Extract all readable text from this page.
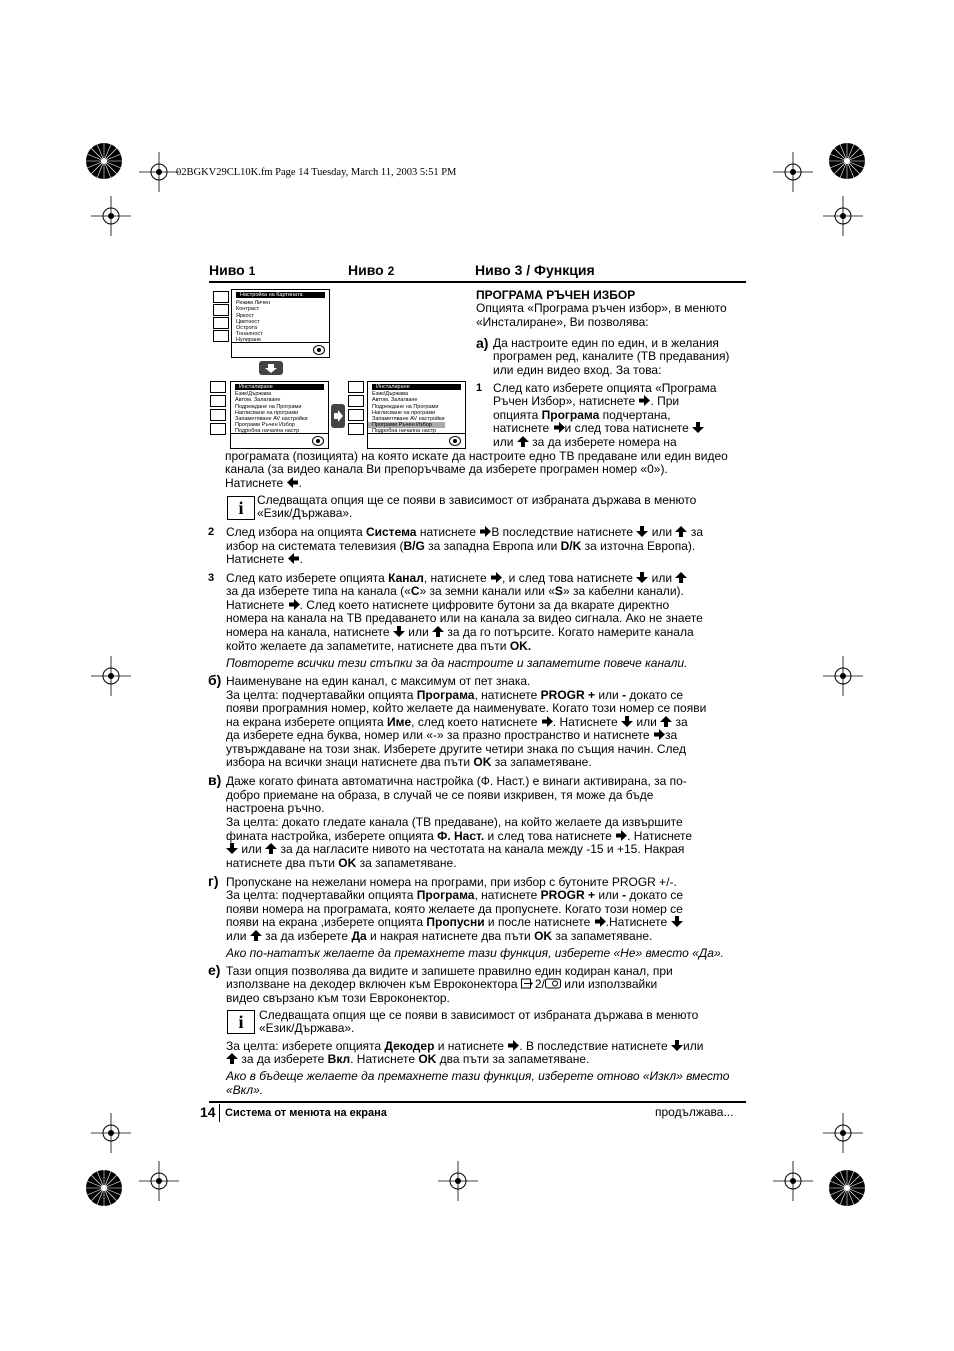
02BGKV29CL10K.fm Page 14 Tuesday, March 11, 2003 5:51 PM
Ниво 1	Ниво 2	Ниво 3 / Функция
Настройка на Картината
Режим Личен
Контраст
Яркост
Цветност
Острота
Тоналност
Нулиране
Инсталиране
Език/Държава
Автом. Залагване
Подреждане на Програми
Наглисване на програми
Запаметяване AV настройки
Програми Ръчен Избор
Подробна начална настр
Инсталиране
Език/Държава
Автом. Залагване
Подреждане на Програми
Наглисване на програми
Запаметяване AV настройки
Програми Ръчен Избор
Подробна начална настр
ПРОГРАМА РЪЧЕН ИЗБОР
Опцията «Програма ръчен избор», в менюто
«Инсталиране», Ви позволява:
а) Да настроите един по един, и в желания
програмен ред, каналите (ТВ предавания)
или един видео вход. За това:
1 След като изберете опцията «Програма
Ръчен Избор», натиснете . При
опцията Програма подчертана,
натиснете и след това натиснете
или за да изберете номера на
програмата (позицията) на която искате да настроите едно ТВ предаване или един видео
канала (за видео канала Ви препоръчваме да изберете програмен номер «0»).
Натиснете .
i	Следващата опция ще се появи в зависимост от избраната държава в менюто
«Език/Държава».
2 След избора на опцията Система натиснете В последствие натиснете или за
избор на системата телевизия (B/G за западна Европа или D/K за източна Европа).
Натиснете .
3 След като изберете опцията Канал, натиснете , и след това натиснете или
за да изберете типа на канала («C» за земни канали или «S» за кабелни канали).
Натиснете . След което натиснете цифровите бутони за да вкарате директно
номера на канала на ТВ предаването или на канала за видео сигнала. Ако не знаете
номера на канала, натиснете или за да го потърсите. Когато намерите канала
който желаете да запаметите, натиснете два пъти OK.
Повторете всички тези стъпки за да настроите и запаметите повече канали.
б) Наименуване на един канал, с максимум от пет знака.
За целта: подчертавайки опцията Програма, натиснете PROGR + или - докато се
появи програмния номер, който желаете да наименувате. Когато този номер се появи
на екрана изберете опцията Име, след което натиснете . Натиснете или за
да изберете една буква, номер или «-» за празно пространство и натиснете за
утвърждаване на този знак. Изберете другите четири знака по същия начин. След
избора на всички знаци натиснете два пъти OK за запаметяване.
в) Даже когато фината автоматична настройка (Ф. Наст.) е винаги активирана, за по-
добро приемане на образа, в случай че се появи изкривен, тя може да бъде
настроена ръчно.
За целта: докато гледате канала (ТВ предаване), на който желаете да извършите
фината настройка, изберете опцията Ф. Наст. и след това натиснете . Натиснете
или за да нагласите нивото на честотата на канала между -15 и +15. Накрая
натиснете два пъти OK за запаметяване.
г) Пропускане на нежелани номера на програми, при избор с бутоните PROGR +/-.
За целта: подчертавайки опцията Програма, натиснете PROGR + или - докато се
появи номера на програмата, която желаете да пропуснете. Когато този номер се
появи на екрана ,изберете опцията Пропусни и после натиснете .Натиснете
или за да изберете Да и накрая натиснете два пъти OK за запаметяване.
Ако по-нататък желаете да премахнете тази функция, изберете «Не» вместо «Да».
е) Тази опция позволява да видите и запишете правилно един кодиран канал, при
използване на декодер включен към Евроконектора 2/ или използвайки
видео свързано към този Евроконектор.
i	Следващата опция ще се появи в зависимост от избраната държава в менюто
«Език/Държава».
За целта: изберете опцията Декодер и натиснете . В последствие натиснете или
за да изберете Вкл. Натиснете OK два пъти за запаметяване.
Ако в бъдеще желаете да премахнете тази функция, изберете отново «Изкл» вместо
«Вкл».
14 Система от менюта на екрана	продължава...
